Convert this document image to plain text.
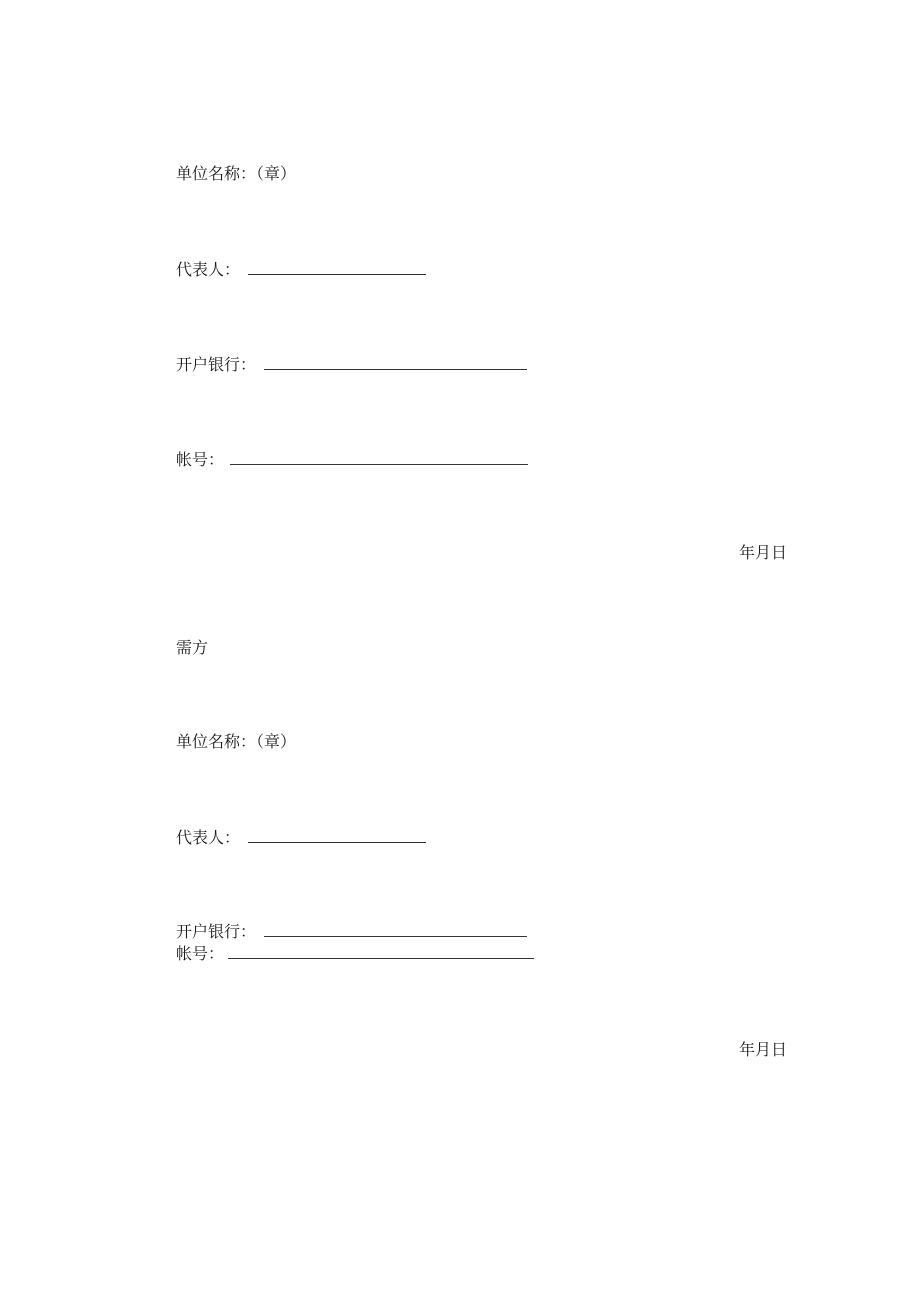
单位名称：（章）
代表人：
开户银行：
帐号：
年月日
需方
单位名称：（章）
代表人：
开户银行：
帐号：
年月日
